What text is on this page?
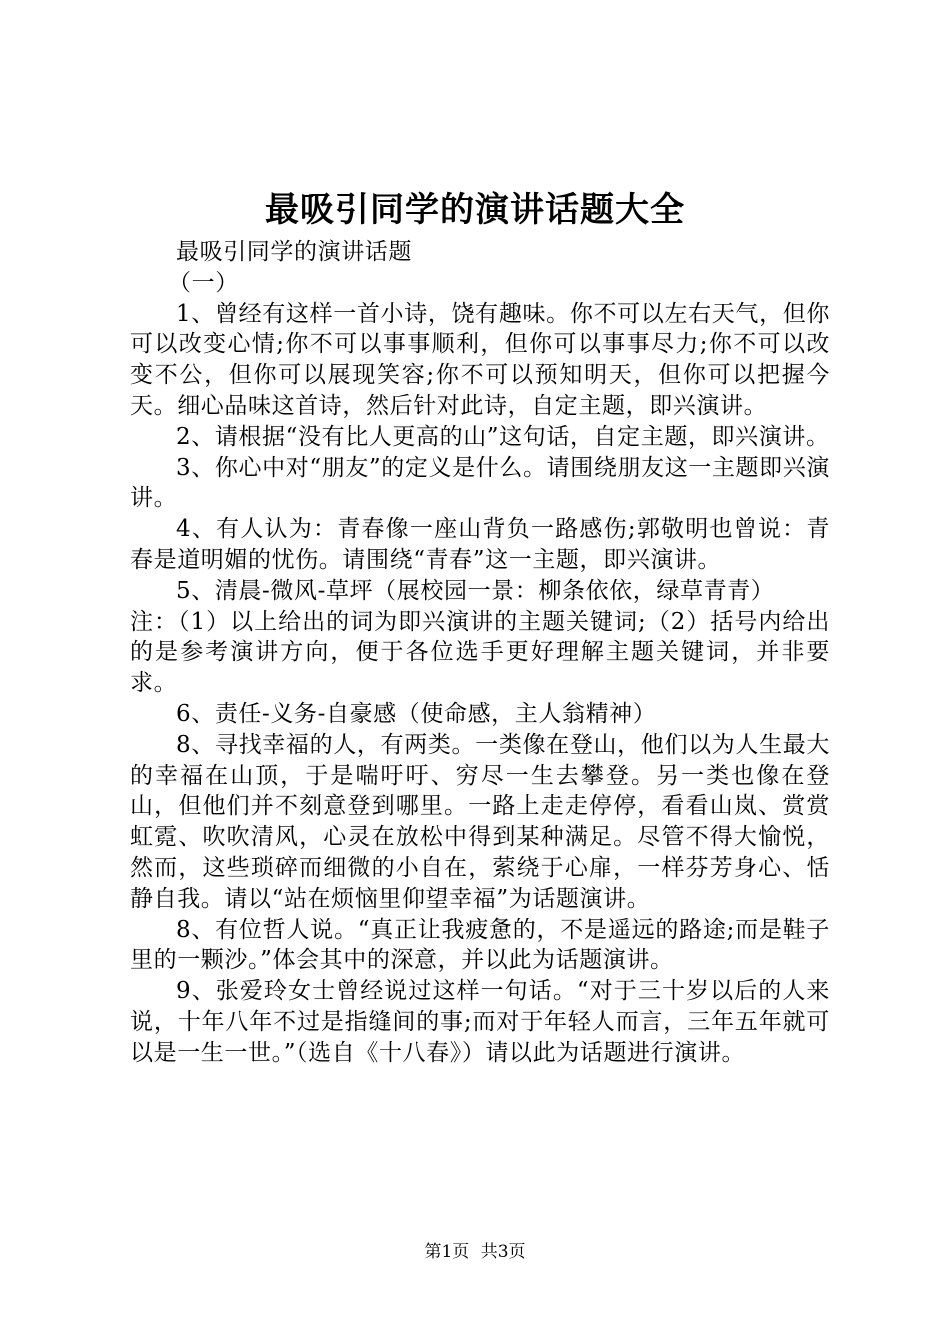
最吸引同学的演讲话题大全

最吸引同学的演讲话题

（一）

1、曾经有这样一首小诗，饶有趣味。你不可以左右天气，但你可以改变心情;你不可以事事顺利，但你可以事事尽力;你不可以改变不公，但你可以展现笑容;你不可以预知明天，但你可以把握今天。细心品味这首诗，然后针对此诗，自定主题，即兴演讲。

2、请根据“没有比人更高的山”这句话，自定主题，即兴演讲。

3、你心中对“朋友”的定义是什么。请围绕朋友这一主题即兴演讲。

4、有人认为：青春像一座山背负一路感伤;郭敬明也曾说：青春是道明媚的忧伤。请围绕“青春”这一主题，即兴演讲。

5、清晨-微风-草坪（展校园一景：柳条依依，绿草青青）

注：（1）以上给出的词为即兴演讲的主题关键词;（2）括号内给出的是参考演讲方向，便于各位选手更好理解主题关键词，并非要求。

6、责任-义务-自豪感（使命感，主人翁精神）

8、寻找幸福的人，有两类。一类像在登山，他们以为人生最大的幸福在山顶，于是喘吁吁、穷尽一生去攀登。另一类也像在登山，但他们并不刻意登到哪里。一路上走走停停，看看山岚、赏赏虹霓、吹吹清风，心灵在放松中得到某种满足。尽管不得大愉悦，然而，这些琐碎而细微的小自在，萦绕于心扉，一样芬芳身心、恬静自我。请以“站在烦恼里仰望幸福”为话题演讲。

8、有位哲人说。“真正让我疲惫的，不是遥远的路途;而是鞋子里的一颗沙。”体会其中的深意，并以此为话题演讲。

9、张爱玲女士曾经说过这样一句话。“对于三十岁以后的人来说，十年八年不过是指缝间的事;而对于年轻人而言，三年五年就可以是一生一世。”（选自《十八春》）请以此为话题进行演讲。

第1页 共3页
